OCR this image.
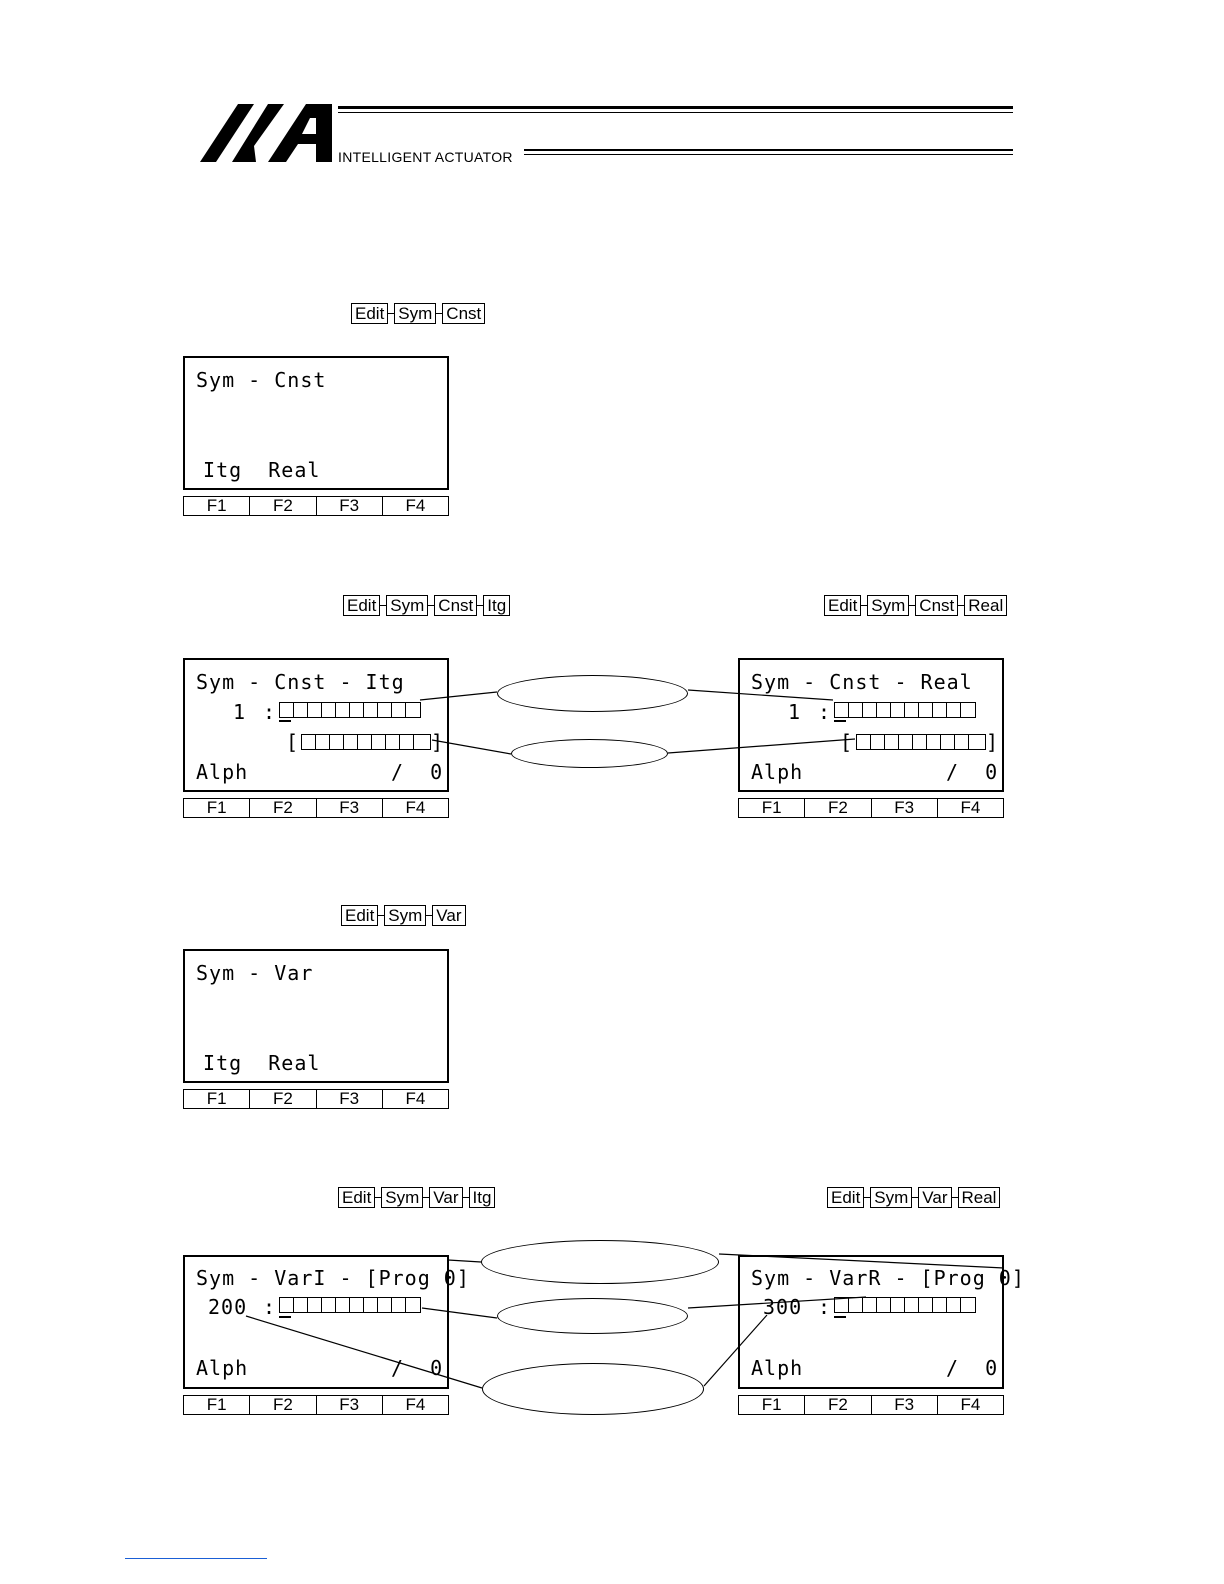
INTELLIGENT ACTUATOR
Edit Sym Cnst
Sym - Cnst
Itg  Real
F1	F2	F3	F4
Edit Sym Cnst Itg	Edit Sym Cnst Real
Sym - Cnst - Itg
1 :
[	]
Alph	/  0
F1	F2	F3	F4
Sym - Cnst - Real
1 :
[	]
Alph	/  0
F1	F2	F3	F4
Edit Sym Var
Sym - Var
Itg  Real
F1	F2	F3	F4
Edit Sym Var Itg	Edit Sym Var Real
Sym - VarI - [Prog 0]
200 :
Alph	/  0
F1	F2	F3	F4
Sym - VarR - [Prog 0]
300 :
Alph	/  0
F1	F2	F3	F4
